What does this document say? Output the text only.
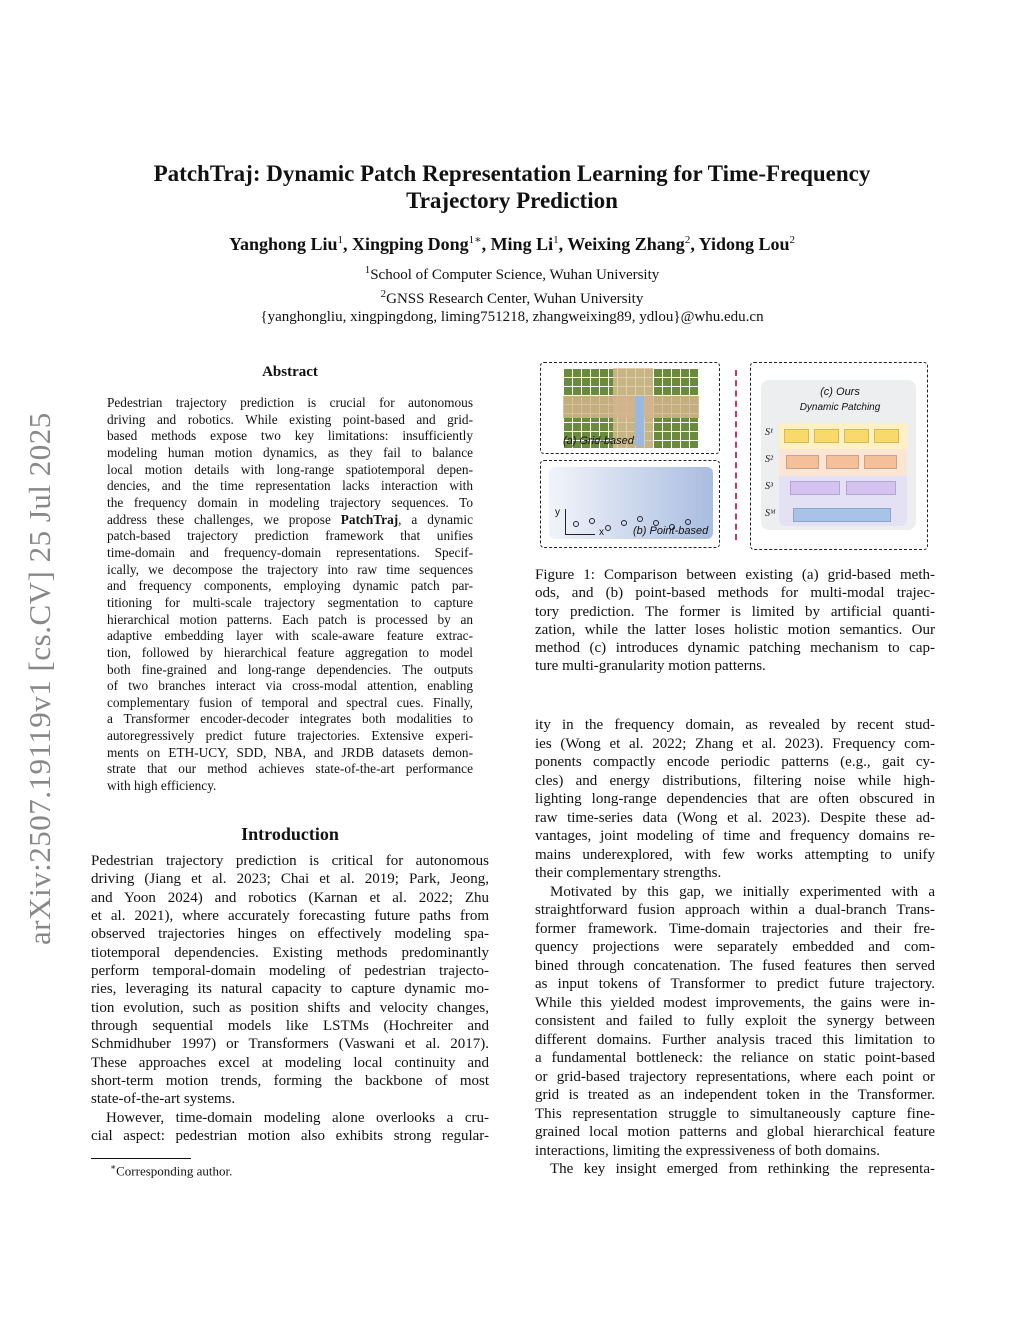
arXiv:2507.19119v1 [cs.CV] 25 Jul 2025
PatchTraj: Dynamic Patch Representation Learning for Time-Frequency
Trajectory Prediction
Yanghong Liu$^1$, Xingping Dong$^{1∗}$, Ming Li$^1$, Weixing Zhang$^2$, Yidong Lou$^2$
$^1$School of Computer Science, Wuhan University
$^2$GNSS Research Center, Wuhan University
{yanghongliu, xingpingdong, liming751218, zhangweixing89, ydlou}@whu.edu.cn
Abstract
Pedestrian trajectory prediction is crucial for autonomous
driving and robotics. While existing point-based and grid-
based methods expose two key limitations: insufficiently
modeling human motion dynamics, as they fail to balance
local motion details with long-range spatiotemporal depen-
dencies, and the time representation lacks interaction with
the frequency domain in modeling trajectory sequences. To
address these challenges, we propose PatchTraj, a dynamic
patch-based trajectory prediction framework that unifies
time-domain and frequency-domain representations. Specif-
ically, we decompose the trajectory into raw time sequences
and frequency components, employing dynamic patch par-
titioning for multi-scale trajectory segmentation to capture
hierarchical motion patterns. Each patch is processed by an
adaptive embedding layer with scale-aware feature extrac-
tion, followed by hierarchical feature aggregation to model
both fine-grained and long-range dependencies. The outputs
of two branches interact via cross-modal attention, enabling
complementary fusion of temporal and spectral cues. Finally,
a Transformer encoder-decoder integrates both modalities to
autoregressively predict future trajectories. Extensive experi-
ments on ETH-UCY, SDD, NBA, and JRDB datasets demon-
strate that our method achieves state-of-the-art performance
with high efficiency.
Introduction
Pedestrian trajectory prediction is critical for autonomous
driving (Jiang et al. 2023; Chai et al. 2019; Park, Jeong,
and Yoon 2024) and robotics (Karnan et al. 2022; Zhu
et al. 2021), where accurately forecasting future paths from
observed trajectories hinges on effectively modeling spa-
tiotemporal dependencies. Existing methods predominantly
perform temporal-domain modeling of pedestrian trajecto-
ries, leveraging its natural capacity to capture dynamic mo-
tion evolution, such as position shifts and velocity changes,
through sequential models like LSTMs (Hochreiter and
Schmidhuber 1997) or Transformers (Vaswani et al. 2017).
These approaches excel at modeling local continuity and
short-term motion trends, forming the backbone of most
state-of-the-art systems.
However, time-domain modeling alone overlooks a cru-
cial aspect: pedestrian motion also exhibits strong regular-
∗Corresponding author.
(a) Grid-based
y
x	(b) Point-based
(c) Ours
Dynamic Patching
S¹
S²
S³
Sᴹ
Figure 1: Comparison between existing (a) grid-based meth-
ods, and (b) point-based methods for multi-modal trajec-
tory prediction. The former is limited by artificial quanti-
zation, while the latter loses holistic motion semantics. Our
method (c) introduces dynamic patching mechanism to cap-
ture multi-granularity motion patterns.
ity in the frequency domain, as revealed by recent stud-
ies (Wong et al. 2022; Zhang et al. 2023). Frequency com-
ponents compactly encode periodic patterns (e.g., gait cy-
cles) and energy distributions, filtering noise while high-
lighting long-range dependencies that are often obscured in
raw time-series data (Wong et al. 2023). Despite these ad-
vantages, joint modeling of time and frequency domains re-
mains underexplored, with few works attempting to unify
their complementary strengths.
Motivated by this gap, we initially experimented with a
straightforward fusion approach within a dual-branch Trans-
former framework. Time-domain trajectories and their fre-
quency projections were separately embedded and com-
bined through concatenation. The fused features then served
as input tokens of Transformer to predict future trajectory.
While this yielded modest improvements, the gains were in-
consistent and failed to fully exploit the synergy between
different domains. Further analysis traced this limitation to
a fundamental bottleneck: the reliance on static point-based
or grid-based trajectory representations, where each point or
grid is treated as an independent token in the Transformer.
This representation struggle to simultaneously capture fine-
grained local motion patterns and global hierarchical feature
interactions, limiting the expressiveness of both domains.
The key insight emerged from rethinking the representa-
